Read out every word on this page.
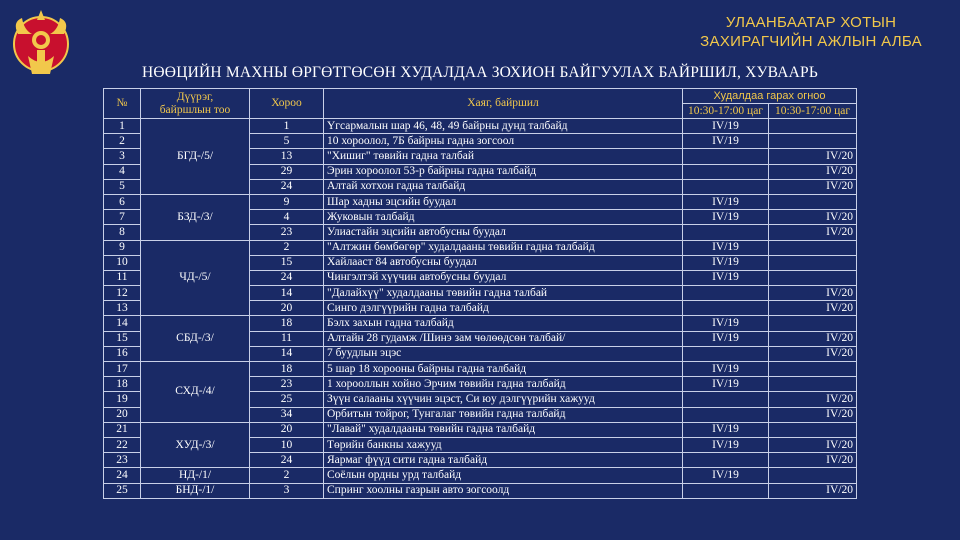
УЛААНБААТАР ХОТЫН
ЗАХИРАГЧИЙН АЖЛЫН АЛБА
НӨӨЦИЙН МАХНЫ ӨРГӨТГӨСӨН ХУДАЛДАА ЗОХИОН БАЙГУУЛАХ БАЙРШИЛ, ХУВААРЬ
№	Дүүрэг,
байршлын тоо	Хороо	Хаяг, байршил	Худалдаа гарах огноо	
				10:30-17:00 цаг	10:30-17:00 цаг
1	БГД-/5/	1	Үгсармалын шар 46, 48, 49 байрны дунд талбайд	IV/19	
2		5	10 хороолол, 7Б байрны гадна зогсоол	IV/19	
3		13	"Хишиг" төвийн гадна талбай		IV/20
4		29	Эрин хороолол 53-р байрны гадна талбайд		IV/20
5		24	Алтай хотхон гадна талбайд		IV/20
6	БЗД-/3/	9	Шар хадны эцсийн буудал	IV/19	
7		4	Жуковын талбайд	IV/19	IV/20
8		23	Улиастайн эцсийн автобусны буудал		IV/20
9	ЧД-/5/	2	"Алтжин бөмбөгөр" худалдааны төвийн гадна талбайд	IV/19	
10		15	Хайлааст 84 автобусны буудал	IV/19	
11		24	Чингэлтэй хүүчин автобусны буудал	IV/19	
12		14	"Далайхүү" худалдааны төвийн гадна талбай		IV/20
13		20	Синго дэлгүүрийн гадна талбайд		IV/20
14	СБД-/3/	18	Бэлх захын гадна талбайд	IV/19	
15		11	Алтайн 28 гудамж /Шинэ зам чөлөөдсөн талбай/	IV/19	IV/20
16		14	7 буудлын эцэс		IV/20
17	СХД-/4/	18	5 шар 18 хорооны байрны гадна талбайд	IV/19	
18		23	1 хорооллын хойно Эрчим төвийн гадна талбайд	IV/19	
19		25	Зүүн салааны хүүчин эцэст, Си юу дэлгүүрийн хажууд		IV/20
20		34	Орбитын тойрог, Тунгалаг төвийн гадна талбайд		IV/20
21	ХУД-/3/	20	"Лавай" худалдааны төвийн гадна талбайд	IV/19	
22		10	Төрийн банкны хажууд	IV/19	IV/20
23		24	Яармаг фүүд сити гадна талбайд		IV/20
24	НД-/1/	2	Соёлын ордны урд талбайд	IV/19	
25	БНД-/1/	3	Спринг хоолны газрын авто зогсоолд		IV/20
